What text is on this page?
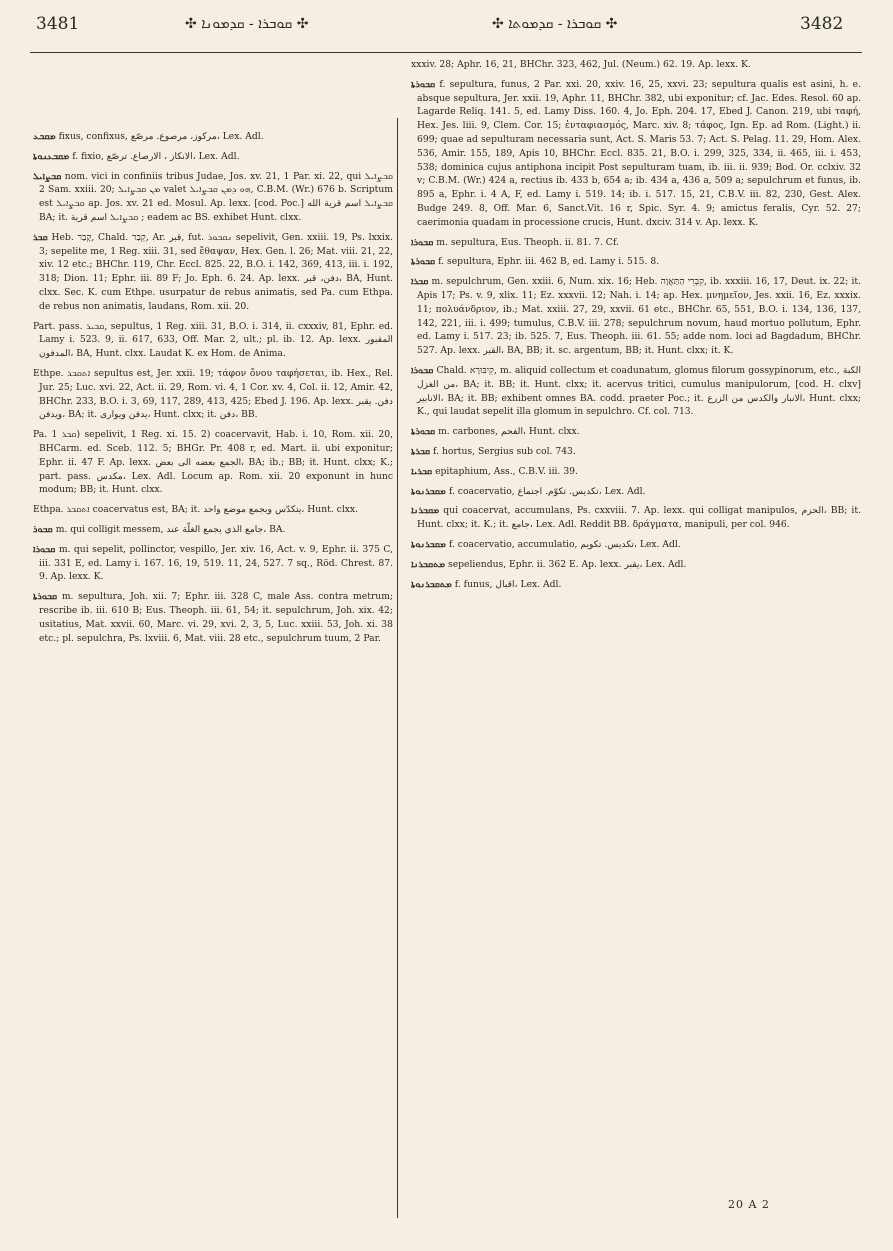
3481	✣ ܩܘܒܪܐ - ܩܕܡܘܢܐ ✣	✣ ܩܘܒܪܐ - ܩܕܡܘܬܐ ✣	3482

ܡܩܒܥ fixus, confixus, مركوز، مرصوع. مرصّع، Lex. Adl.

ܡܩܒܥܢܘܬܐ f. fixio, الانكاز ، الارصاع. ترصّع، Lex. Adl.

ܩܒܨܐܝܠ nom. vici in confiniis tribus Judae, Jos. xv. 21, 1 Par. xi. 22, qui ܩܒܨܐܝܠ 2 Sam. xxiii. 20; ܡܢ ܩܒܨܐܝܠ valet ܗܘ ܕܡܢ ܩܒܨܐܝܠ, C.B.M. (Wr.) 676 b. Scriptum est ܩܒܨܐܝܠ ap. Jos. xv. 21 ed. Mosul. Ap. lexx. [cod. Poc.] ܩܒܨܐܝܠ اسم قرية الله BA; it. ܩܒܨܐܝܠ اسم قرية ; eadem ac BS. exhibet Hunt. clxx.

ܩܒܪ Heb. קָבַר, Chald. קְבַר, Ar. قبر, fut. ܢܩܒܘܪ sepelivit, Gen. xxiii. 19, Ps. lxxix. 3; sepelite me, 1 Reg. xiii. 31, sed ἔθαψαν, Hex. Gen. l. 26; Mat. viii. 21, 22, xiv. 12 etc.; BHChr. 119, Chr. Eccl. 825. 22, B.O. i. 142, 369, 413, iii. i. 192, 318; Dion. 11; Ephr. iii. 89 F; Jo. Eph. 6. 24. Ap. lexx. دفن، قبر، BA, Hunt. clxx. Sec. K. cum Ethpe. usurpatur de rebus animatis, sed Pa. cum Ethpa. de rebus non animatis, laudans, Rom. xii. 20.

Part. pass. ܩܒܝܪ, sepultus, 1 Reg. xiii. 31, B.O. i. 314, ii. cxxxiv, 81, Ephr. ed. Lamy i. 523. 9, ii. 617, 633, Off. Mar. 2, ult.; pl. ib. 12. Ap. lexx. المقبور المدفون، BA, Hunt. clxx. Laudat K. ex Hom. de Anima.

Ethpe. ܐܬܩܒܪ sepultus est, Jer. xxii. 19; τάφον ὄνου ταφήσεται, ib. Hex., Rel. Jur. 25; Luc. xvi. 22, Act. ii. 29, Rom. vi. 4, 1 Cor. xv. 4, Col. ii. 12, Amir. 42, BHChr. 233, B.O. i. 3, 69, 117, 289, 413, 425; Ebed J. 196. Ap. lexx. دفن. يقبر ويدفن، BA; it. يدفن ويوارى، Hunt. clxx; it. دفن، BB.

Pa. ܩܒܪ 1) sepelivit, 1 Reg. xi. 15. 2) coacervavit, Hab. i. 10, Rom. xii. 20, BHCarm. ed. Sceb. 112. 5; BHGr. Pr. 408 r, ed. Mart. ii. ubi exponitur; Ephr. ii. 47 F. Ap. lexx. الجمع بعضه الى بعض، BA; ib.; BB; it. Hunt. clxx; K.; part. pass. مكدس، Lex. Adl. Locum ap. Rom. xii. 20 exponunt in hunc modum; BB; it. Hunt. clxx.

Ethpa. ܐܬܩܒܪ coacervatus est, BA; it. يتكدّس ويجمع موضع واحد، Hunt. clxx.

ܩܒܘܪ m. qui colligit messem, جامع الذي يجمع الغلّة عند، BA.

ܩܒܘܪܐ m. qui sepelit, pollinctor, vespillo, Jer. xiv. 16, Act. v. 9, Ephr. ii. 375 C, iii. 331 E, ed. Lamy i. 167. 16, 19, 519. 11, 24, 527. 7 sq., Röd. Chrest. 87. 9. Ap. lexx. K.

ܩܒܘܪܬܐ m. sepultura, Joh. xii. 7; Ephr. iii. 328 C, male Ass. contra metrum; rescribe ib. iii. 610 B; Eus. Theoph. iii. 61, 54; it. sepulchrum, Joh. xix. 42; usitatius, Mat. xxvii. 60, Marc. vi. 29, xvi. 2, 3, 5, Luc. xxiii. 53, Joh. xi. 38 etc.; pl. sepulchra, Ps. lxviii. 6, Mat. viii. 28 etc., sepulchrum tuum, 2 Par.

xxxiv. 28; Aphr. 16, 21, BHChr. 323, 462, Jul. (Neum.) 62. 19. Ap. lexx. K.

ܩܒܘܪܬܐ f. sepultura, funus, 2 Par. xxi. 20, xxiv. 16, 25, xxvi. 23; sepultura qualis est asini, h. e. absque sepultura, Jer. xxii. 19, Aphr. 11, BHChr. 382, ubi exponitur; cf. Jac. Edes. Resol. 60 ap. Lagarde Reliq. 141. 5, ed. Lamy Diss. 160. 4, Jo. Eph. 204. 17, Ebed J. Canon. 219, ubi ταφή, Hex. Jes. liii. 9, Clem. Cor. 15; ἐνταφιασμός, Marc. xiv. 8; τάφος, Ign. Ep. ad Rom. (Light.) ii. 699; quae ad sepulturam necessaria sunt, Act. S. Maris 53. 7; Act. S. Pelag. 11. 29, Hom. Alex. 536, Amir. 155, 189, Apis 10, BHChr. Eccl. 835. 21, B.O. i. 299, 325, 334, ii. 465, iii. i. 453, 538; dominica cujus antiphona incipit Post sepulturam tuam, ib. iii. ii. 939; Bod. Or. cclxiv. 32 v; C.B.M. (Wr.) 424 a, rectius ib. 433 b, 654 a; ib. 434 a, 436 a, 509 a; sepulchrum et funus, ib. 895 a, Ephr. i. 4 A, F, ed. Lamy i. 519. 14; ib. i. 517. 15, 21, C.B.V. iii. 82, 230, Gest. Alex. Budge 249. 8, Off. Mar. 6, Sanct.Vit. 16 r, Spic. Syr. 4. 9; amictus feralis, Cyr. 52. 27; caerimonia quadam in processione crucis, Hunt. dxciv. 314 v. Ap. lexx. K.

ܩܒܘܪܐ m. sepultura, Eus. Theoph. ii. 81. 7. Cf.

ܩܒܘܪܬܐ f. sepultura, Ephr. iii. 462 B, ed. Lamy i. 515. 8.

ܩܒܪܐ m. sepulchrum, Gen. xxiii. 6, Num. xix. 16; Heb. קִבְרֵי הַתַּאֲוָה, ib. xxxiii. 16, 17, Deut. ix. 22; it. Apis 17; Ps. v. 9, xlix. 11; Ez. xxxvii. 12; Nah. i. 14; ap. Hex. μνημεῖον, Jes. xxii. 16, Ez. xxxix. 11; πολυάνδριον, ib.; Mat. xxiii. 27, 29, xxvii. 61 etc., BHChr. 65, 551, B.O. i. 134, 136, 137, 142, 221, iii. i. 499; tumulus, C.B.V. iii. 278; sepulchrum novum, haud mortuo pollutum, Ephr. ed. Lamy i. 517. 23; ib. 525. 7, Eus. Theoph. iii. 61. 55; adde nom. loci ad Bagdadum, BHChr. 527. Ap. lexx. القبر، BA, BB; it. sc. argentum, BB; it. Hunt. clxx; it. K.

ܩܒܘܪܐ Chald. קִיבּוּרָא, m. aliquid collectum et coadunatum, glomus filorum gossypinorum, etc., الكبة من الغزل، BA; it. BB; it. Hunt. clxx; it. acervus tritici, cumulus manipulorum, [cod. H. clxv] الانابير، BA; it. BB; exhibent omnes BA. codd. praeter Poc.; it. الانبار والكدس من الزرع، Hunt. clxx; K., qui laudat sepelit illa glomum in sepulchro. Cf. col. 713.

ܩܒܘܪܬܐ m. carbones, الفحم، Hunt. clxx.

ܩܒܪܬܐ f. hortus, Sergius sub col. 743.

ܩܒܪܝܐ epitaphium, Ass., C.B.V. iii. 39.

ܡܩܒܪܢܘܬܐ f. coacervatio, تكديس. تكوّم. اجتماع، Lex. Adl.

ܡܩܒܪܢܐ qui coacervat, accumulans, Ps. cxxviii. 7. Ap. lexx. qui colligat manipulos, الحزم، BB; it. Hunt. clxx; it. K.; it. جامع، Lex. Adl. Reddit BB. δράγματα, manipuli, per col. 946.

ܡܩܒܪܢܘܬܐ f. coacervatio, accumulatio, تكديس. تكويم، Lex. Adl.

ܡܬܩܒܪܢܐ sepeliendus, Ephr. ii. 362 E. Ap. lexx. يقبر، Lex. Adl.

ܡܬܩܒܪܢܘܬܐ f. funus, اقبال، Lex. Adl.

20 A 2
